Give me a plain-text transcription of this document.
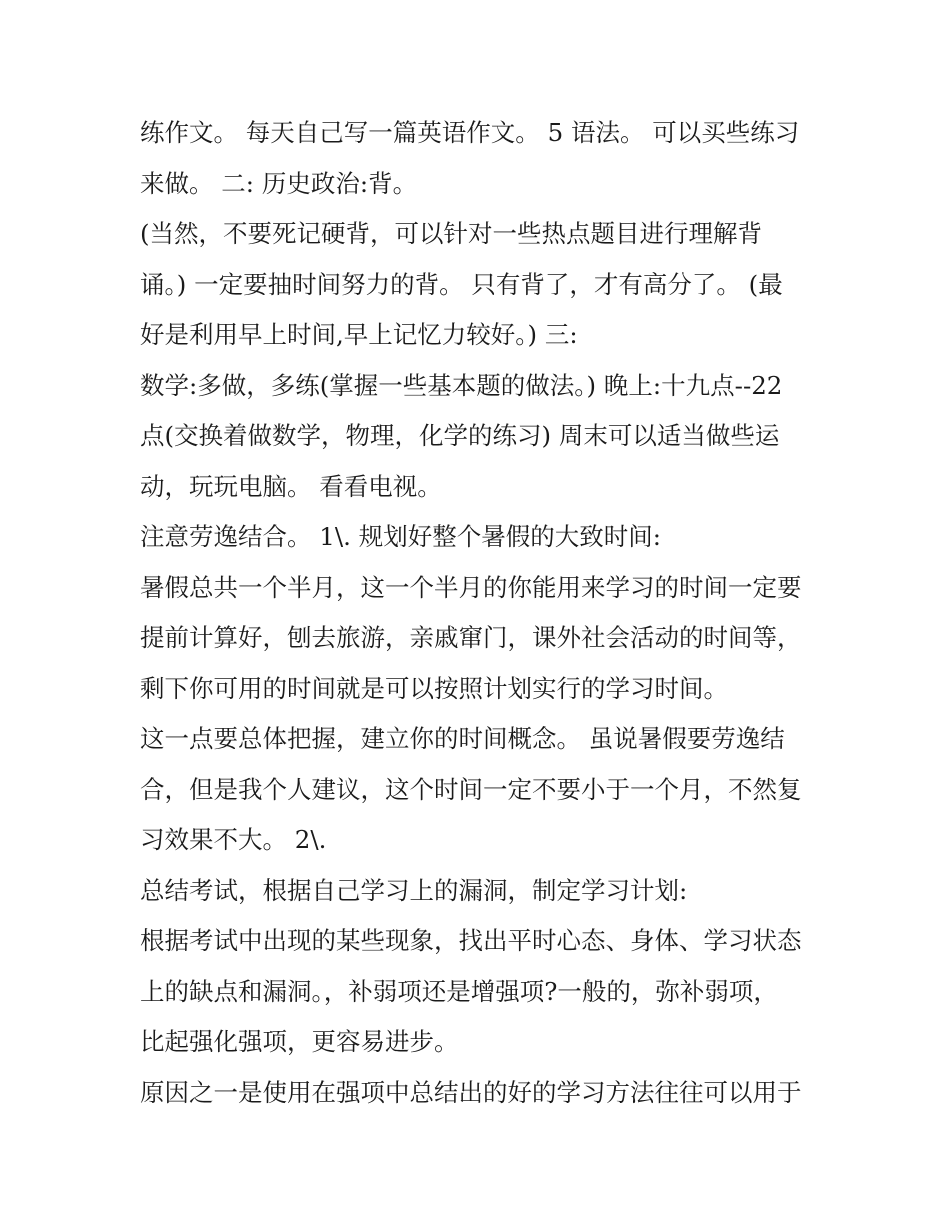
练作文。 每天自己写一篇英语作文。 5 语法。 可以买些练习
来做。 二: 历史政治:背。
(当然，不要死记硬背，可以针对一些热点题目进行理解背
诵。) 一定要抽时间努力的背。 只有背了，才有高分了。 (最
好是利用早上时间,早上记忆力较好。) 三:
数学:多做，多练(掌握一些基本题的做法。) 晚上:十九点--22
点(交换着做数学，物理，化学的练习) 周末可以适当做些运
动，玩玩电脑。 看看电视。
注意劳逸结合。 1\. 规划好整个暑假的大致时间:
暑假总共一个半月，这一个半月的你能用来学习的时间一定要
提前计算好，刨去旅游，亲戚窜门，课外社会活动的时间等，
剩下你可用的时间就是可以按照计划实行的学习时间。
这一点要总体把握，建立你的时间概念。 虽说暑假要劳逸结
合，但是我个人建议，这个时间一定不要小于一个月，不然复
习效果不大。 2\.
总结考试，根据自己学习上的漏洞，制定学习计划:
根据考试中出现的某些现象，找出平时心态、身体、学习状态
上的缺点和漏洞。，补弱项还是增强项?一般的，弥补弱项，
比起强化强项，更容易进步。
原因之一是使用在强项中总结出的好的学习方法往往可以用于
